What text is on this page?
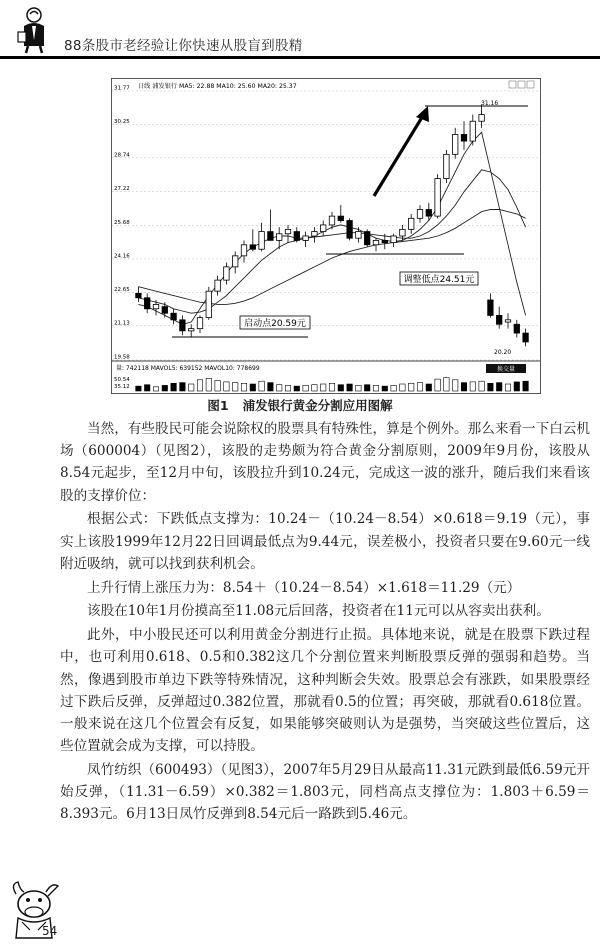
88条股市老经验让你快速从股盲到股精
31.77
30.25
28.74
27.22
25.68
24.16
22.65
21.13
19.58
启动点20.59元
调整低点24.51元
31.16
20.20
日线 浦发银行 MA5: 22.88 MA10: 25.60 MA20: 25.37
量: 742118 MAVOL5: 639152 MAVOL10: 778699	换交量
50.54
35.12
图1 浦发银行黄金分割应用图解

当然，有些股民可能会说除权的股票具有特殊性，算是个例外。那么来看一下白云机场（600004）（见图2），该股的走势颇为符合黄金分割原则，2009年9月份，该股从8.54元起步，至12月中旬，该股拉升到10.24元，完成这一波的涨升，随后我们来看该股的支撑价位：

根据公式：下跌低点支撑为：10.24－（10.24－8.54）×0.618＝9.19（元），事实上该股1999年12月22日回调最低点为9.44元，误差极小，投资者只要在9.60元一线附近吸纳，就可以找到获利机会。

上升行情上涨压力为：8.54＋（10.24－8.54）×1.618＝11.29（元）

该股在10年1月份摸高至11.08元后回落，投资者在11元可以从容卖出获利。

此外，中小股民还可以利用黄金分割进行止损。具体地来说，就是在股票下跌过程中，也可利用0.618、0.5和0.382这几个分割位置来判断股票反弹的强弱和趋势。当然，像遇到股市单边下跌等特殊情况，这种判断会失效。股票总会有涨跌，如果股票经过下跌后反弹，反弹超过0.382位置，那就看0.5的位置；再突破，那就看0.618位置。一般来说在这几个位置会有反复，如果能够突破则认为是强势，当突破这些位置后，这些位置就会成为支撑，可以持股。

凤竹纺织（600493）（见图3），2007年5月29日从最高11.31元跌到最低6.59元开始反弹，（11.31－6.59）×0.382＝1.803元，同档高点支撑位为：1.803＋6.59＝8.393元。6月13日凤竹反弹到8.54元后一路跌到5.46元。

54
